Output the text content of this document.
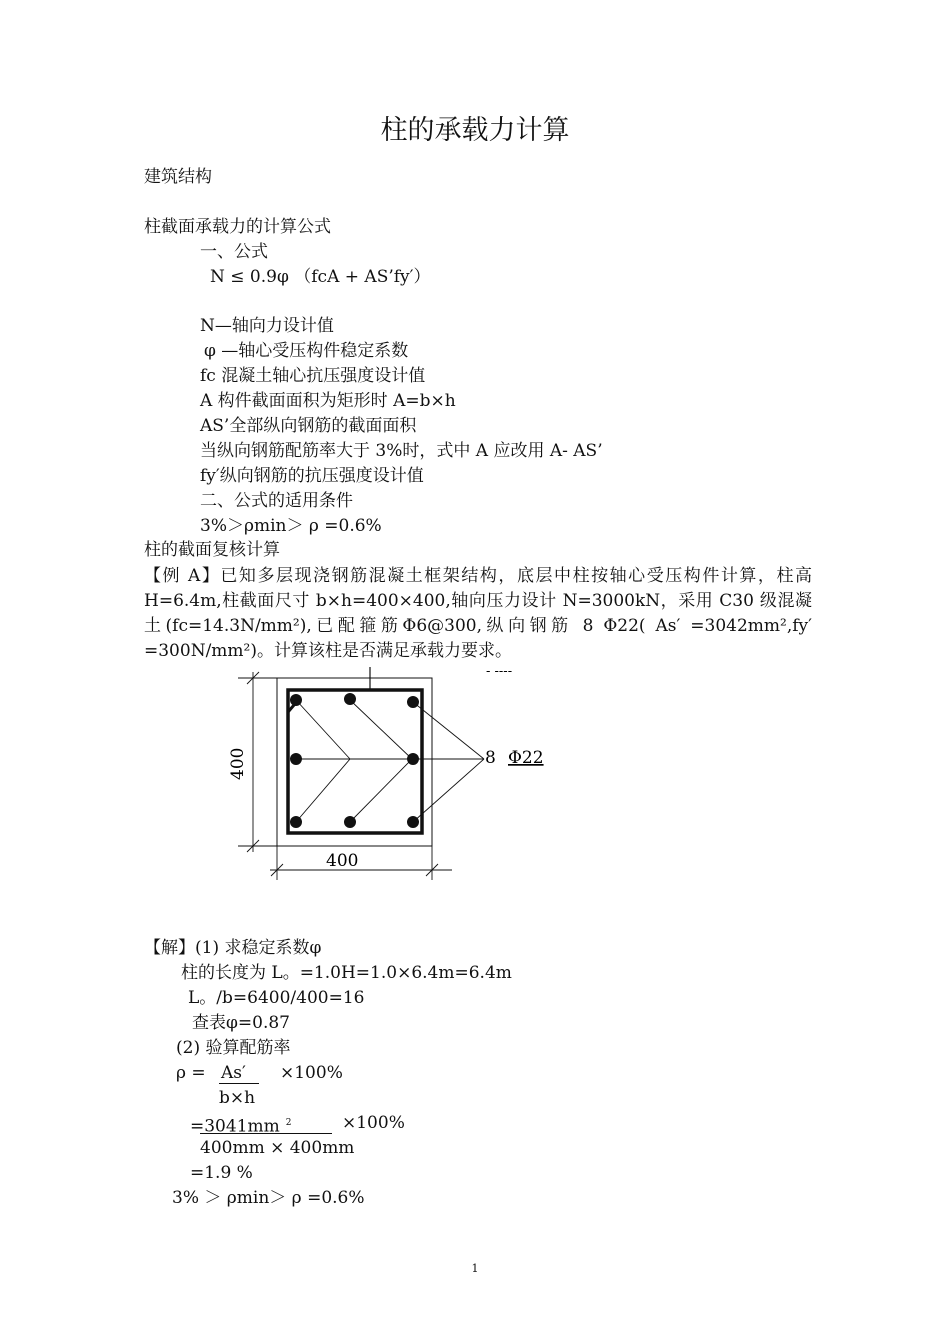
柱的承载力计算
建筑结构
柱截面承载力的计算公式
一、公式
N ≤ 0.9φ （fcA + AS’fy′）
N—轴向力设计值
φ —轴心受压构件稳定系数
fc 混凝土轴心抗压强度设计值
A 构件截面面积为矩形时 A=b×h
AS’全部纵向钢筋的截面面积
当纵向钢筋配筋率大于 3%时，式中 A 应改用 A- AS’
fy′纵向钢筋的抗压强度设计值
二、公式的适用条件
3%＞ρmin＞ ρ =0.6%
柱的截面复核计算
【例 A】已知多层现浇钢筋混凝土框架结构，底层中柱按轴心受压构件计算，柱高 H=6.4m,柱截面尺寸 b×h=400×400,轴向压力设计 N=3000kN，采用 C30 级混凝土(fc=14.3N/mm²),已配箍筋Φ6@300,纵向钢筋 8 Φ22( As′ =3042mm²,fy′ =300N/mm²)。计算该柱是否满足承载力要求。
- ----
8 Φ22
400
400
【解】(1) 求稳定系数φ
柱的长度为 L。=1.0H=1.0×6.4m=6.4m
L。/b=6400/400=16
查表φ=0.87
(2) 验算配筋率
ρ = As′ ×100%
b×h
=3041mm $^2$	×100%
400mm × 400mm
=1.9 %
3% ＞ ρmin＞ ρ =0.6%
1
